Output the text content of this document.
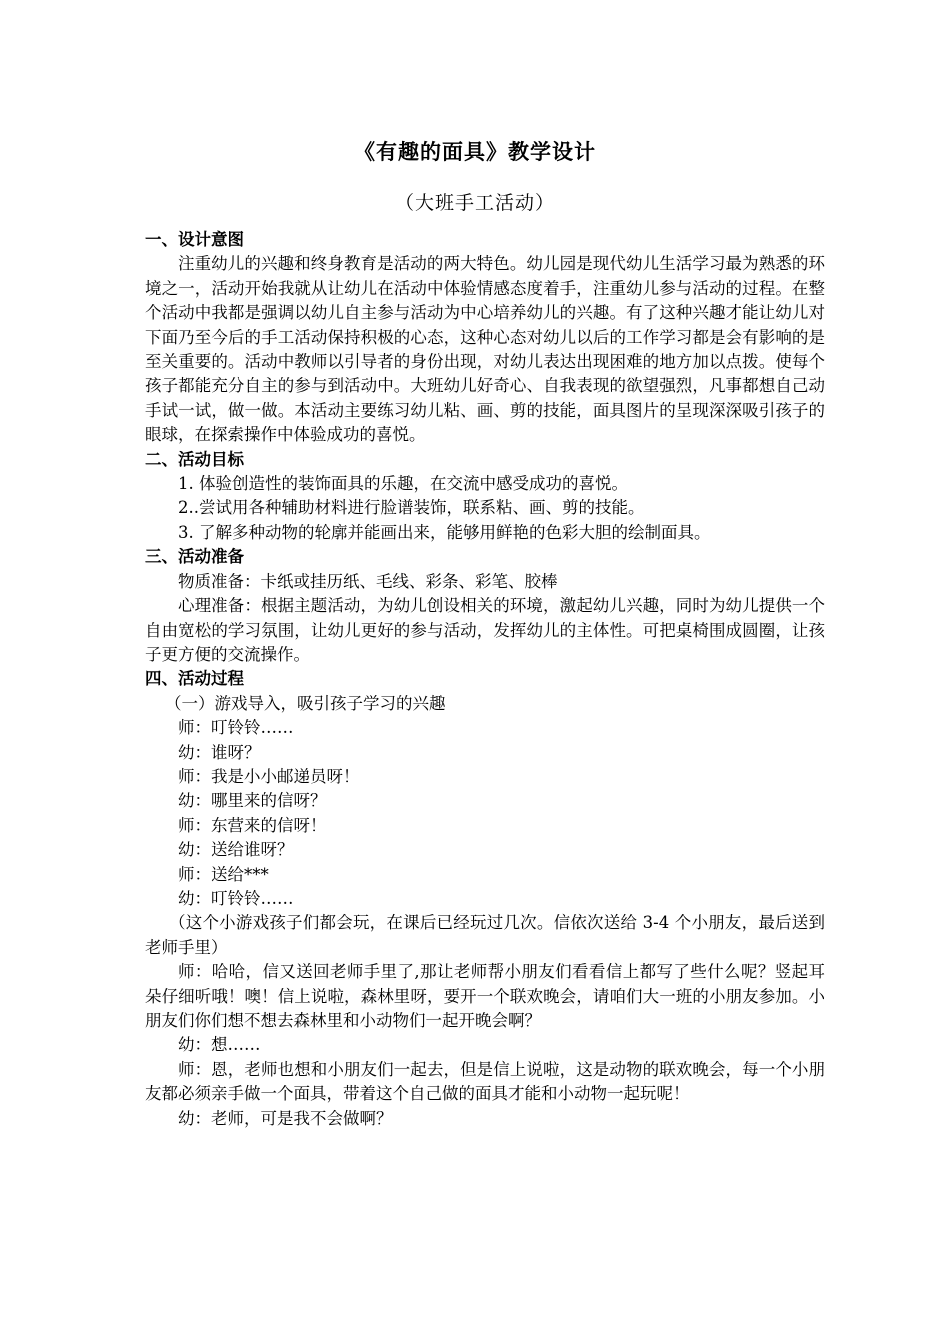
《有趣的面具》教学设计
（大班手工活动）
一、设计意图

注重幼儿的兴趣和终身教育是活动的两大特色。幼儿园是现代幼儿生活学习最为熟悉的环境之一，活动开始我就从让幼儿在活动中体验情感态度着手，注重幼儿参与活动的过程。在整个活动中我都是强调以幼儿自主参与活动为中心培养幼儿的兴趣。有了这种兴趣才能让幼儿对下面乃至今后的手工活动保持积极的心态，这种心态对幼儿以后的工作学习都是会有影响的是至关重要的。活动中教师以引导者的身份出现，对幼儿表达出现困难的地方加以点拨。使每个孩子都能充分自主的参与到活动中。大班幼儿好奇心、自我表现的欲望强烈，凡事都想自己动手试一试，做一做。本活动主要练习幼儿粘、画、剪的技能，面具图片的呈现深深吸引孩子的眼球，在探索操作中体验成功的喜悦。

二、活动目标

1. 体验创造性的装饰面具的乐趣，在交流中感受成功的喜悦。

2..尝试用各种辅助材料进行脸谱装饰，联系粘、画、剪的技能。

3. 了解多种动物的轮廓并能画出来，能够用鲜艳的色彩大胆的绘制面具。

三、活动准备

物质准备：卡纸或挂历纸、毛线、彩条、彩笔、胶棒

心理准备：根据主题活动，为幼儿创设相关的环境，激起幼儿兴趣，同时为幼儿提供一个自由宽松的学习氛围，让幼儿更好的参与活动，发挥幼儿的主体性。可把桌椅围成圆圈，让孩子更方便的交流操作。

四、活动过程

（一）游戏导入，吸引孩子学习的兴趣

师：叮铃铃……

幼：谁呀？

师：我是小小邮递员呀！

幼：哪里来的信呀？

师：东营来的信呀！

幼：送给谁呀？

师：送给***

幼：叮铃铃……

（这个小游戏孩子们都会玩，在课后已经玩过几次。信依次送给 3-4 个小朋友，最后送到老师手里）

师：哈哈，信又送回老师手里了,那让老师帮小朋友们看看信上都写了些什么呢？竖起耳朵仔细听哦！噢！信上说啦，森林里呀，要开一个联欢晚会，请咱们大一班的小朋友参加。小朋友们你们想不想去森林里和小动物们一起开晚会啊？

幼：想……

师：恩，老师也想和小朋友们一起去，但是信上说啦，这是动物的联欢晚会，每一个小朋友都必须亲手做一个面具，带着这个自己做的面具才能和小动物一起玩呢！

幼：老师，可是我不会做啊？
